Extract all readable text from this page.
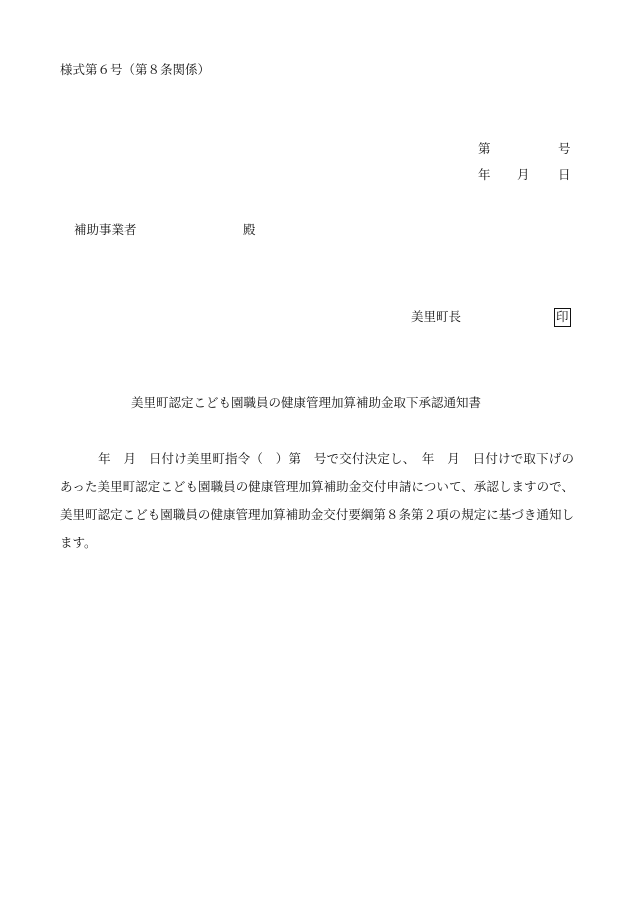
様式第６号（第８条関係）
第	号
年 月 日
補助事業者	殿
美里町長	印
美里町認定こども園職員の健康管理加算補助金取下承認通知書
　　　年　月　日付け美里町指令（　）第　号で交付決定し、　年　月　日付けで取下げのあった美里町認定こども園職員の健康管理加算補助金交付申請について、承認しますので、美里町認定こども園職員の健康管理加算補助金交付要綱第８条第２項の規定に基づき通知します。
